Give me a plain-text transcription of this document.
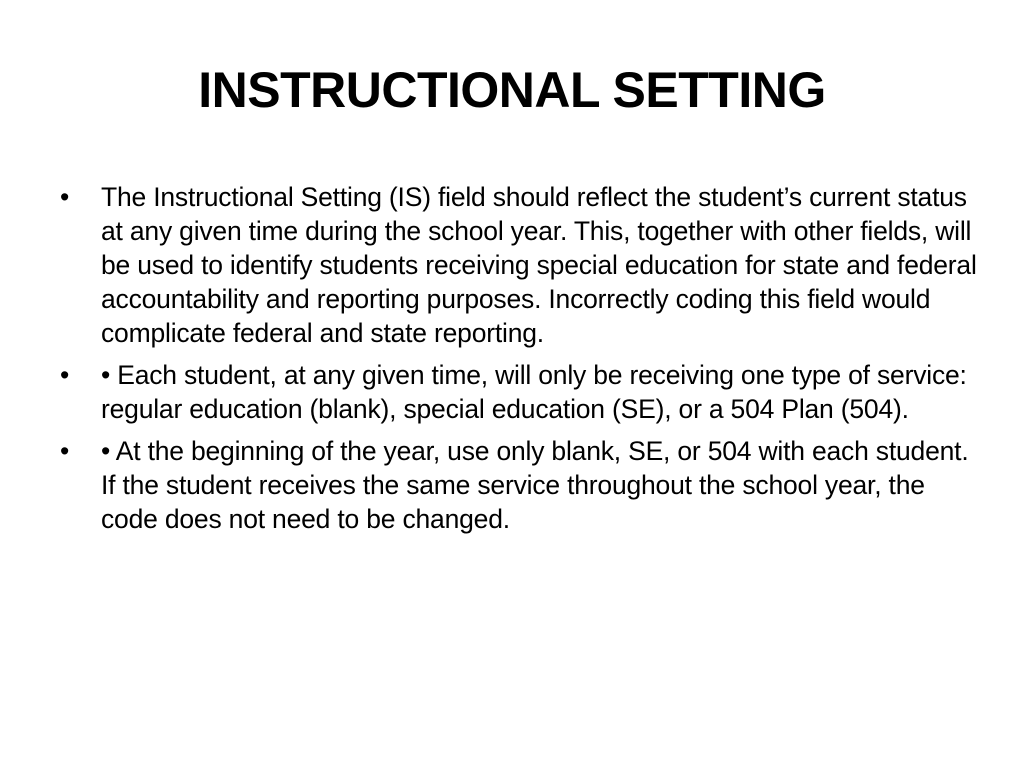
INSTRUCTIONAL SETTING
•	The Instructional Setting (IS) field should reflect the student’s current status at any given time during the school year. This, together with other fields, will be used to identify students receiving special education for state and federal accountability and reporting purposes. Incorrectly coding this field would complicate federal and state reporting.
•	• Each student, at any given time, will only be receiving one type of service: regular education (blank), special education (SE), or a 504 Plan (504).
•	• At the beginning of the year, use only blank, SE, or 504 with each student. If the student receives the same service throughout the school year, the code does not need to be changed.
